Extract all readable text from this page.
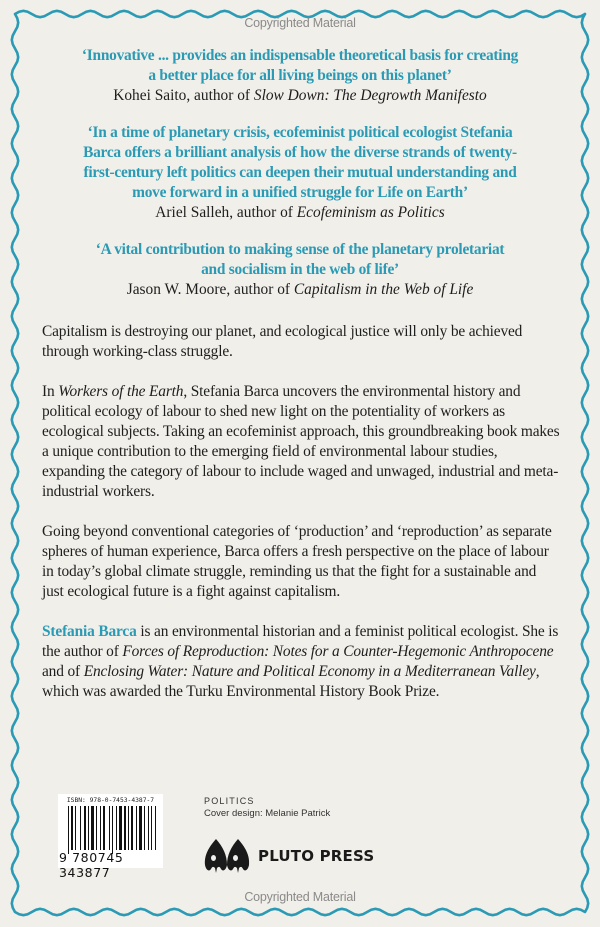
Copyrighted Material
‘Innovative ... provides an indispensable theoretical basis for creating
a better place for all living beings on this planet’
Kohei Saito, author of Slow Down: The Degrowth Manifesto
‘In a time of planetary crisis, ecofeminist political ecologist Stefania
Barca offers a brilliant analysis of how the diverse strands of twenty-
first-century left politics can deepen their mutual understanding and
move forward in a unified struggle for Life on Earth’
Ariel Salleh, author of Ecofeminism as Politics
‘A vital contribution to making sense of the planetary proletariat
and socialism in the web of life’
Jason W. Moore, author of Capitalism in the Web of Life

Capitalism is destroying our planet, and ecological justice will only be achieved through working-class struggle.

In Workers of the Earth, Stefania Barca uncovers the environmental history and political ecology of labour to shed new light on the potentiality of workers as ecological subjects. Taking an ecofeminist approach, this groundbreaking book makes a unique contribution to the emerging field of environmental labour studies, expanding the category of labour to include waged and unwaged, industrial and meta-industrial workers.

Going beyond conventional categories of ‘production’ and ‘reproduction’ as separate spheres of human experience, Barca offers a fresh perspective on the place of labour in today’s global climate struggle, reminding us that the fight for a sustainable and just ecological future is a fight against capitalism.

Stefania Barca is an environmental historian and a feminist political ecologist. She is the author of Forces of Reproduction: Notes for a Counter-Hegemonic Anthropocene and of Enclosing Water: Nature and Political Economy in a Mediterranean Valley, which was awarded the Turku Environmental History Book Prize.

ISBN: 978-0-7453-4387-7
9 780745 343877
POLITICS
Cover design: Melanie Patrick
PLUTO PRESS
Copyrighted Material
